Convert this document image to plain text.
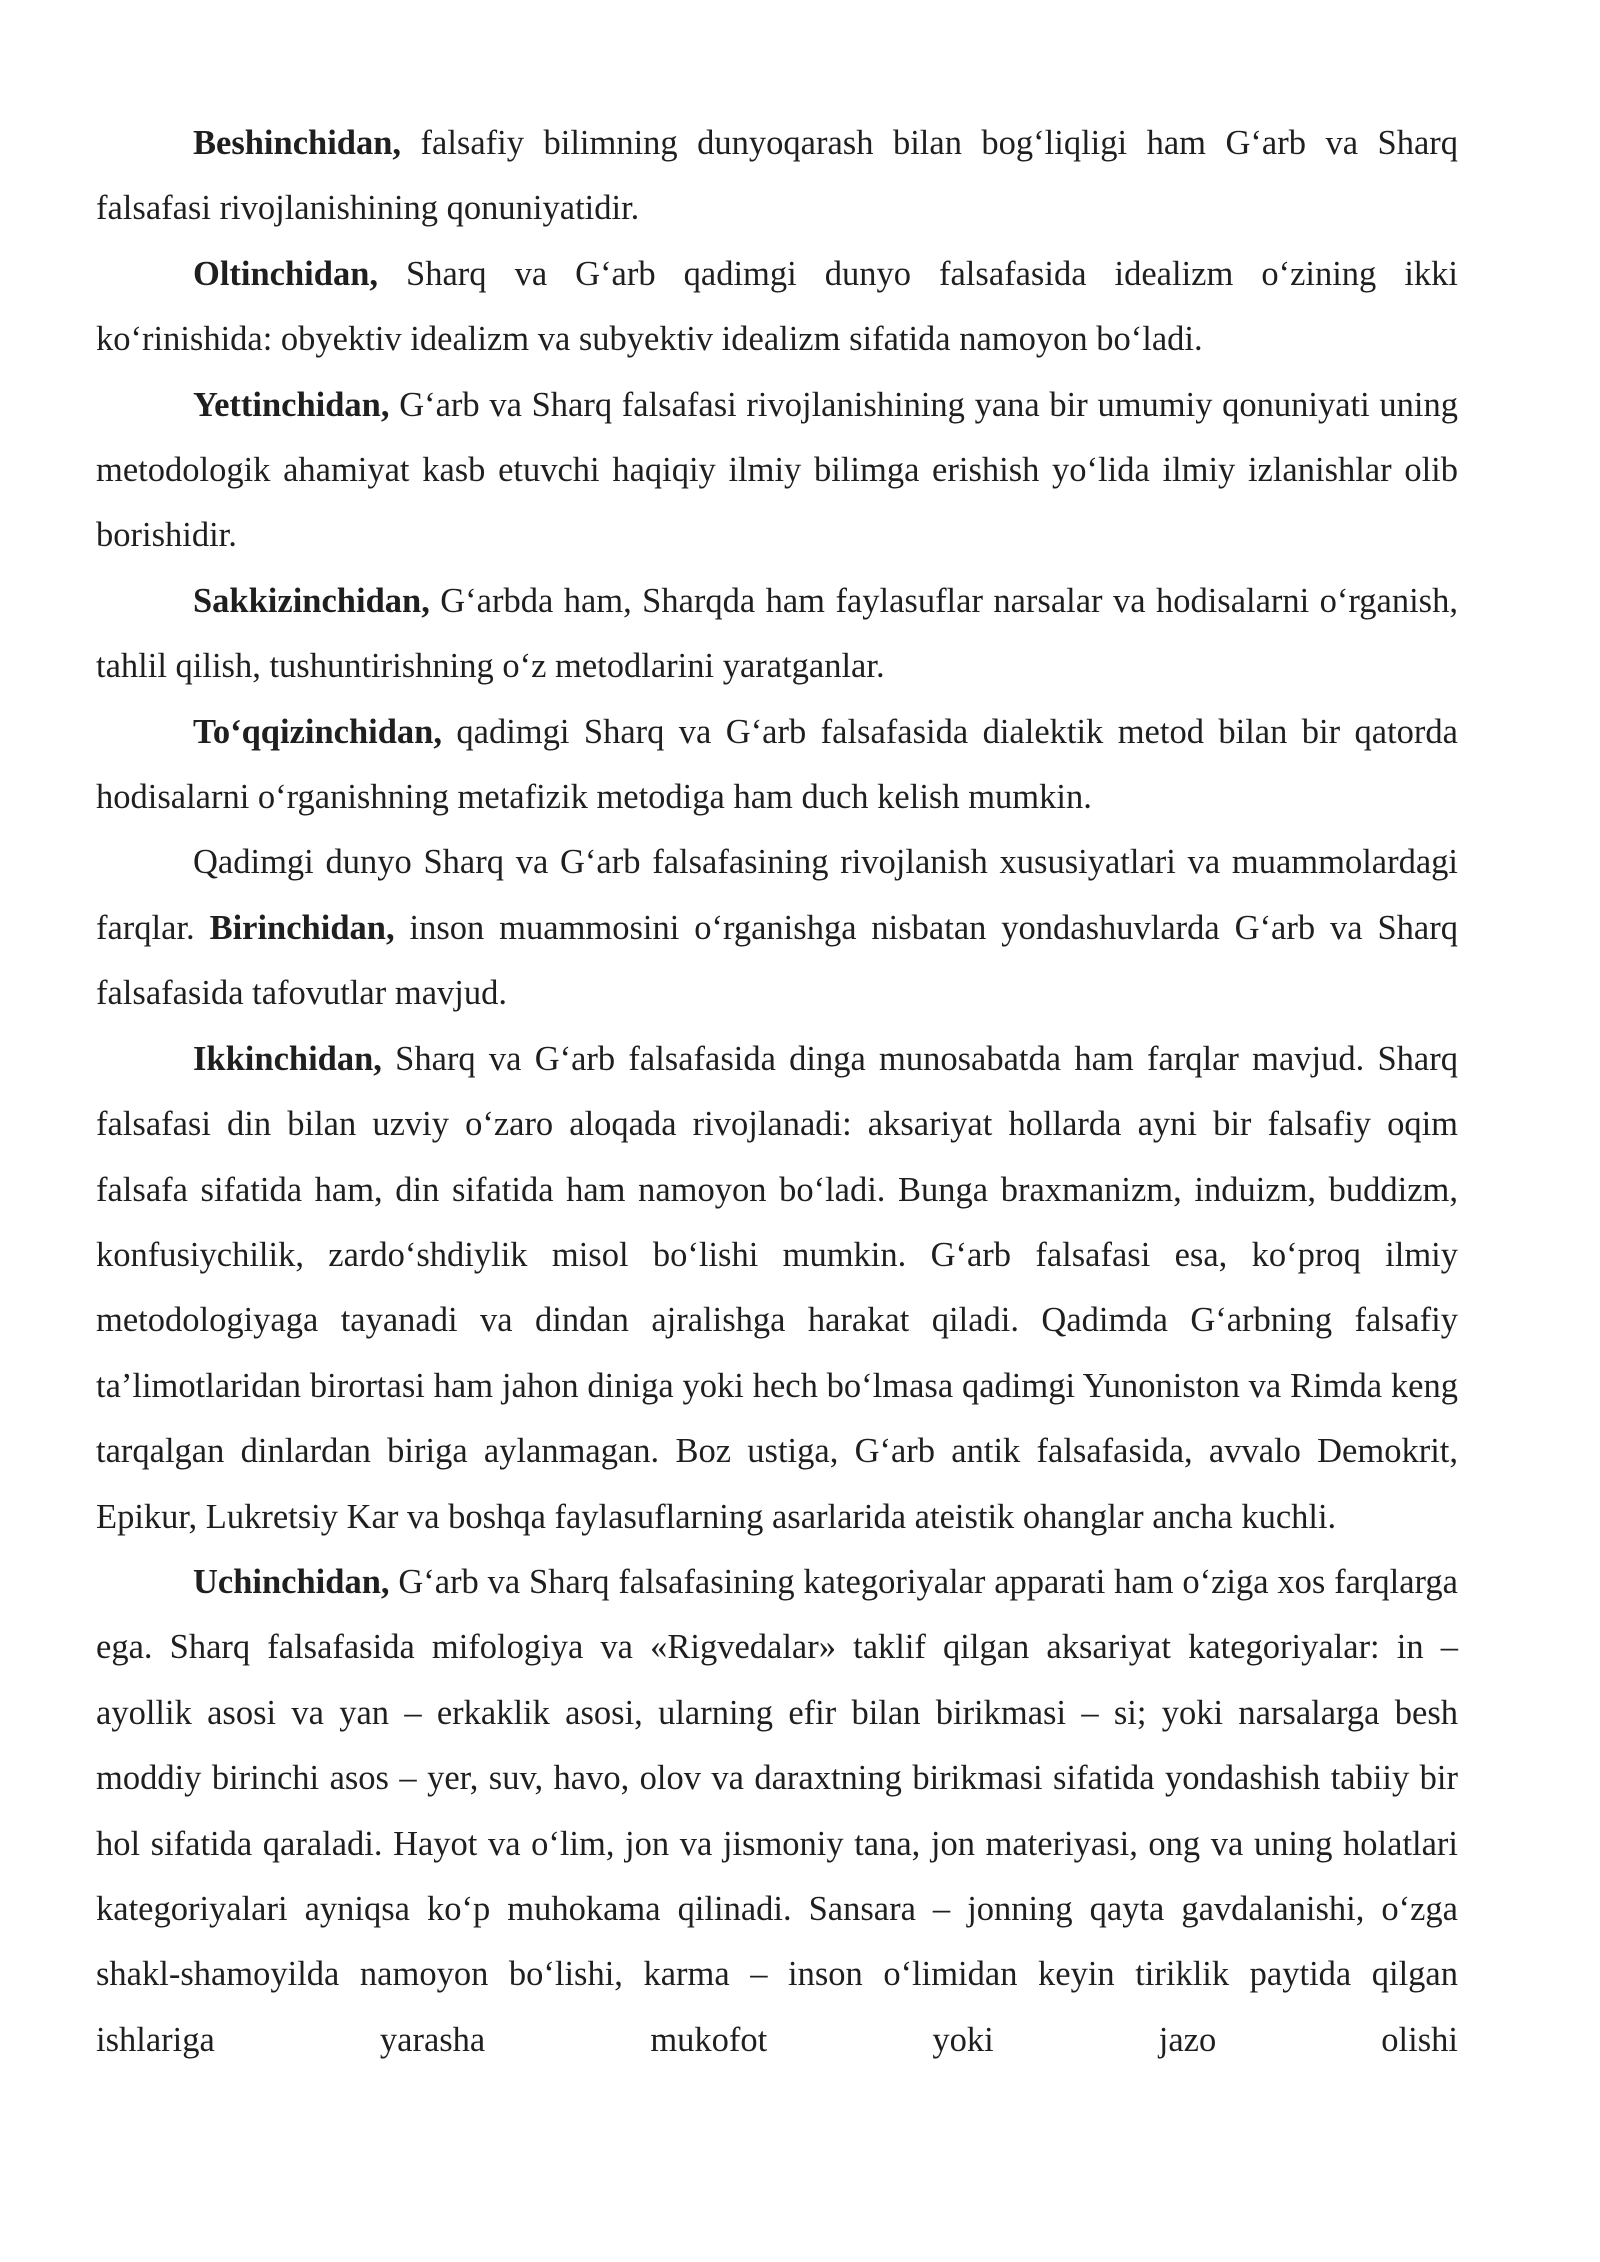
Beshinchidan, falsafiy bilimning dunyoqarash bilan bog‘liqligi ham G‘arb va Sharq falsafasi rivojlanishining qonuniyatidir.

Oltinchidan, Sharq va G‘arb qadimgi dunyo falsafasida idealizm o‘zining ikki ko‘rinishida: obyektiv idealizm va subyektiv idealizm sifatida namoyon bo‘ladi.

Yettinchidan, G‘arb va Sharq falsafasi rivojlanishining yana bir umumiy qonuniyati uning metodologik ahamiyat kasb etuvchi haqiqiy ilmiy bilimga erishish yo‘lida ilmiy izlanishlar olib borishidir.

Sakkizinchidan, G‘arbda ham, Sharqda ham faylasuflar narsalar va hodisalarni o‘rganish, tahlil qilish, tushuntirishning o‘z metodlarini yaratganlar.

To‘qqizinchidan, qadimgi Sharq va G‘arb falsafasida dialektik metod bilan bir qatorda hodisalarni o‘rganishning metafizik metodiga ham duch kelish mumkin.

Qadimgi dunyo Sharq va G‘arb falsafasining rivojlanish xususiyatlari va muammolardagi farqlar. Birinchidan, inson muammosini o‘rganishga nisbatan yondashuvlarda G‘arb va Sharq falsafasida tafovutlar mavjud.

Ikkinchidan, Sharq va G‘arb falsafasida dinga munosabatda ham farqlar mavjud. Sharq falsafasi din bilan uzviy o‘zaro aloqada rivojlanadi: aksariyat hollarda ayni bir falsafiy oqim falsafa sifatida ham, din sifatida ham namoyon bo‘ladi. Bunga braxmanizm, induizm, buddizm, konfusiychilik, zardo‘shdiylik misol bo‘lishi mumkin. G‘arb falsafasi esa, ko‘proq ilmiy metodologiyaga tayanadi va dindan ajralishga harakat qiladi. Qadimda G‘arbning falsafiy ta’limotlaridan birortasi ham jahon diniga yoki hech bo‘lmasa qadimgi Yunoniston va Rimda keng tarqalgan dinlardan biriga aylanmagan. Boz ustiga, G‘arb antik falsafasida, avvalo Demokrit, Epikur, Lukretsiy Kar va boshqa faylasuflarning asarlarida ateistik ohanglar ancha kuchli.

Uchinchidan, G‘arb va Sharq falsafasining kategoriyalar apparati ham o‘ziga xos farqlarga ega. Sharq falsafasida mifologiya va «Rigvedalar» taklif qilgan aksariyat kategoriyalar: in – ayollik asosi va yan – erkaklik asosi, ularning efir bilan birikmasi – si; yoki narsalarga besh moddiy birinchi asos – yer, suv, havo, olov va daraxtning birikmasi sifatida yondashish tabiiy bir hol sifatida qaraladi. Hayot va o‘lim, jon va jismoniy tana, jon materiyasi, ong va uning holatlari kategoriyalari ayniqsa ko‘p muhokama qilinadi. Sansara – jonning qayta gavdalanishi, o‘zga shakl-shamoyilda namoyon bo‘lishi, karma – inson o‘limidan keyin tiriklik paytida qilgan ishlariga yarasha mukofot yoki jazo olishi
